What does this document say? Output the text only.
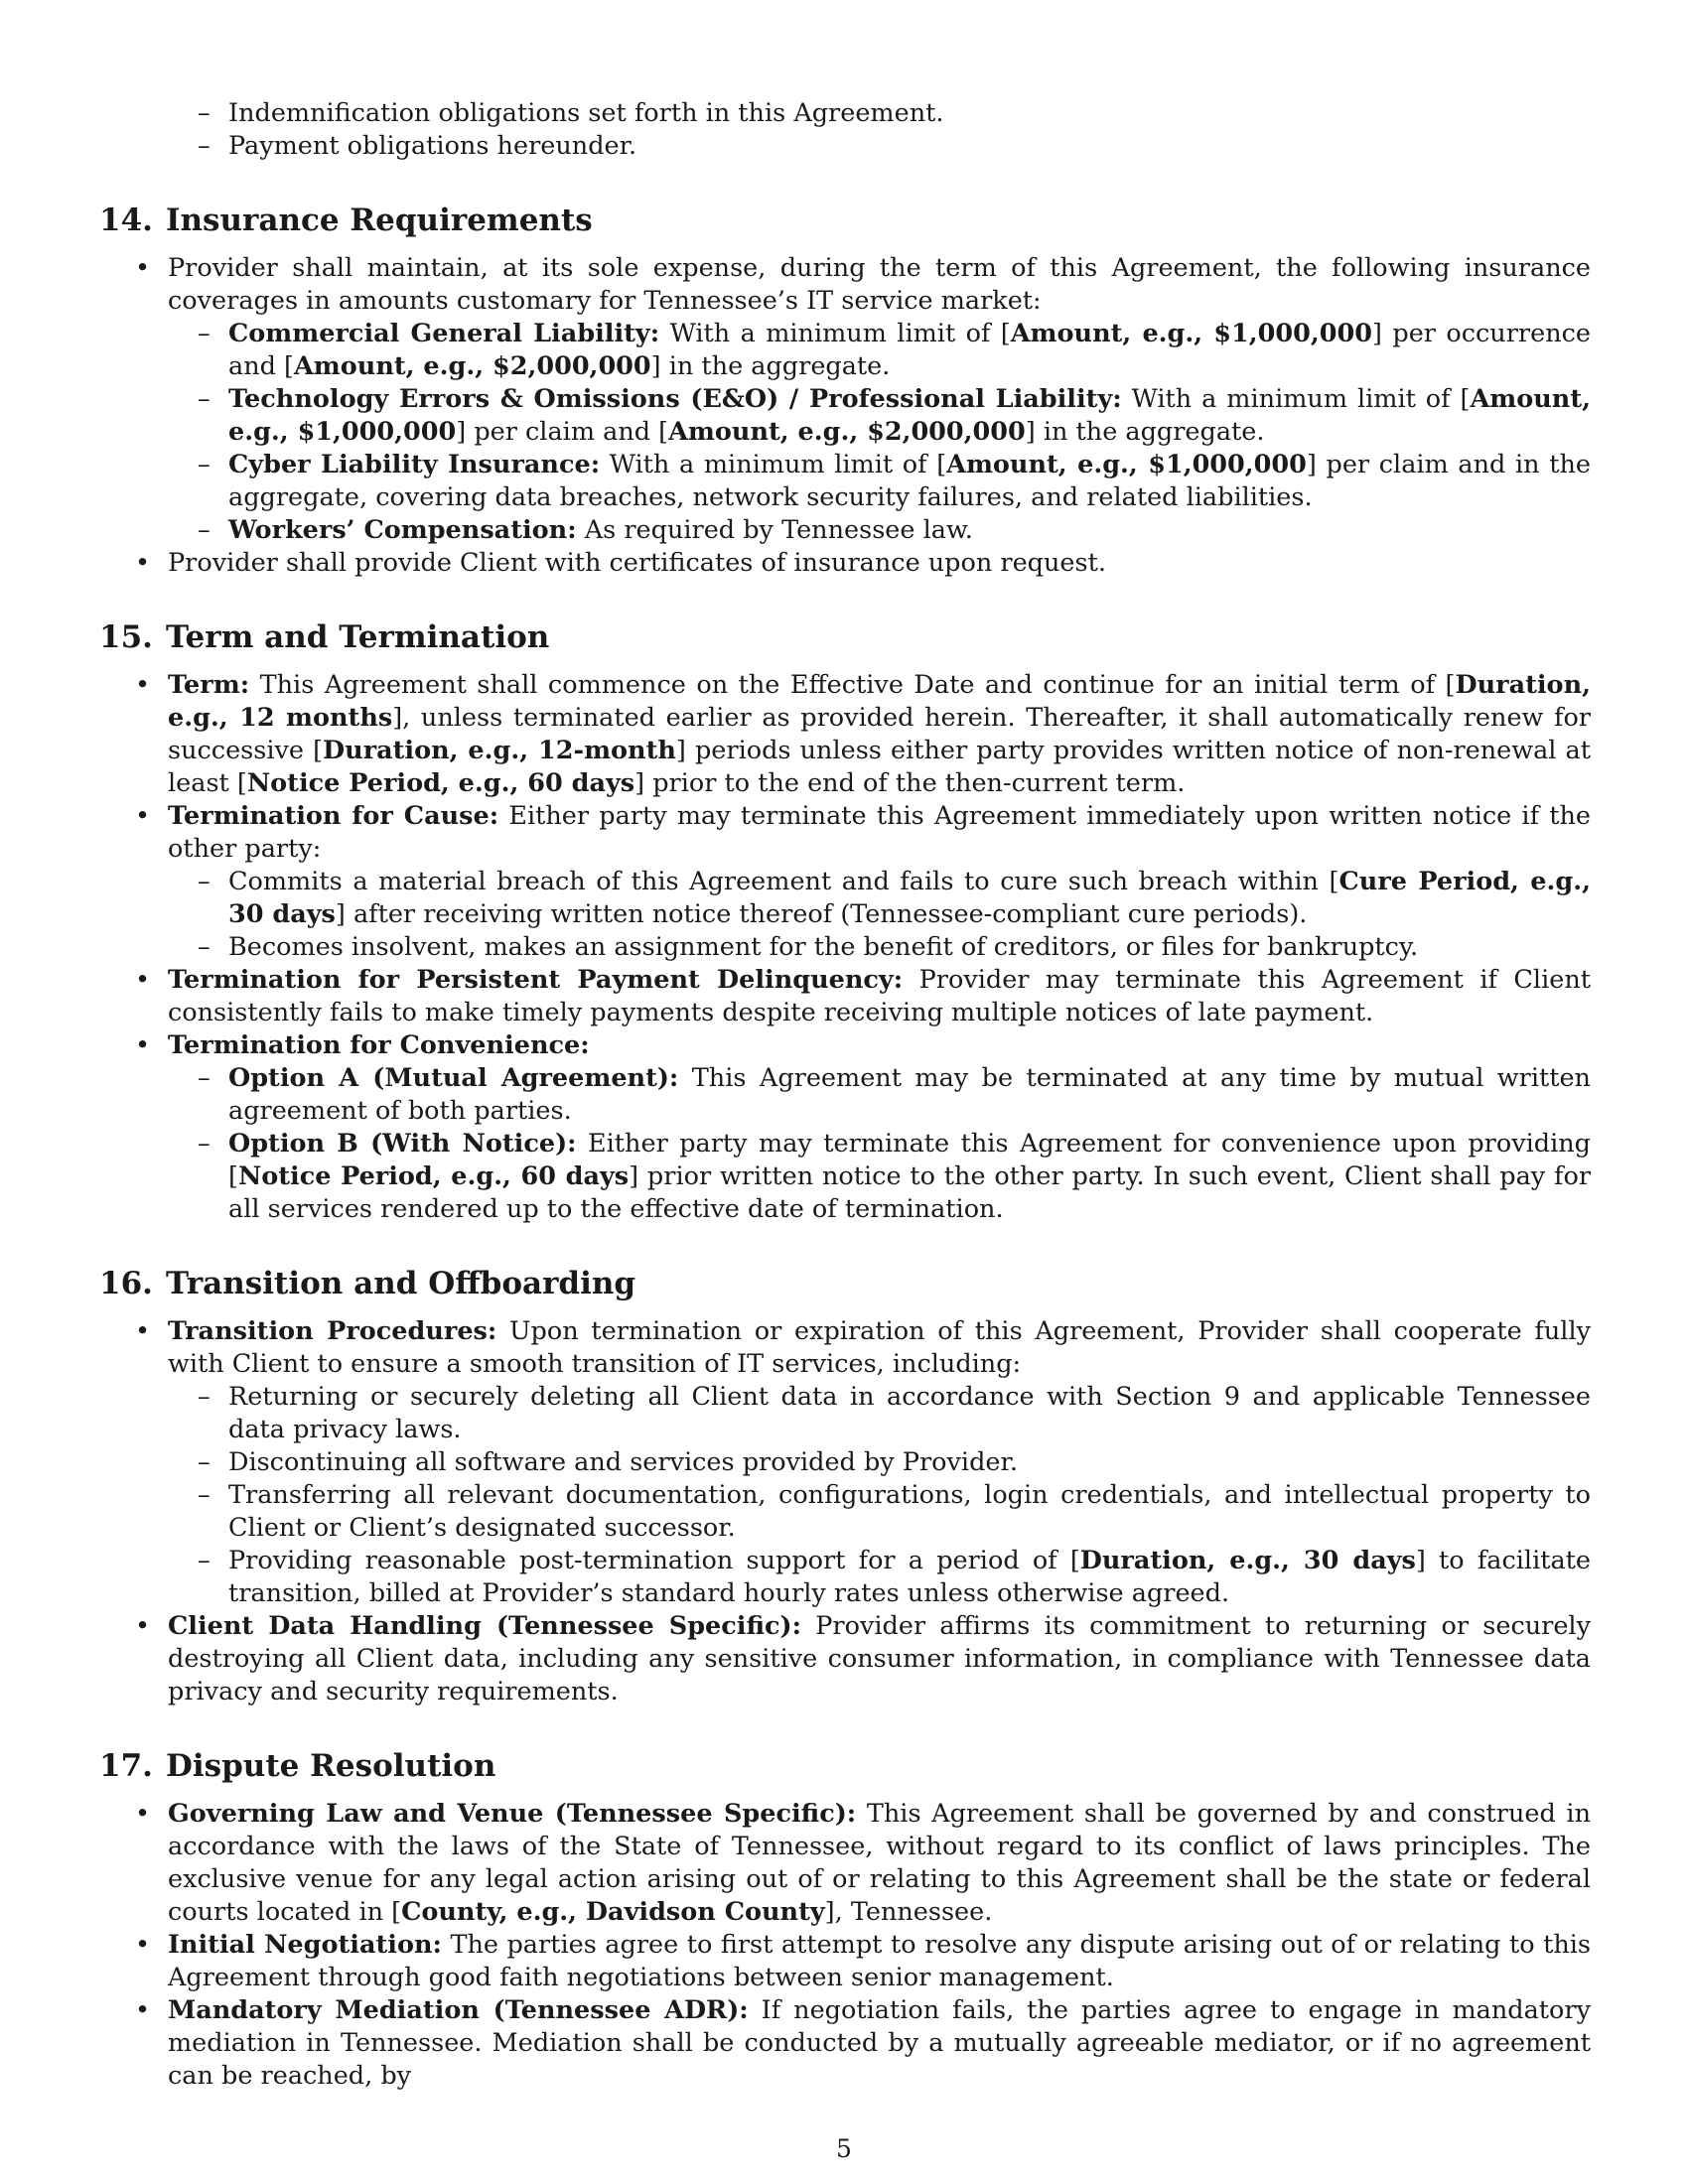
– Indemnification obligations set forth in this Agreement.
– Payment obligations hereunder.
14. Insurance Requirements
• Provider shall maintain, at its sole expense, during the term of this Agreement, the following insurance coverages in amounts customary for Tennessee’s IT service market:
– Commercial General Liability: With a minimum limit of [Amount, e.g., $1,000,000] per occurrence and [Amount, e.g., $2,000,000] in the aggregate.
– Technology Errors & Omissions (E&O) / Professional Liability: With a minimum limit of [Amount, e.g., $1,000,000] per claim and [Amount, e.g., $2,000,000] in the aggregate.
– Cyber Liability Insurance: With a minimum limit of [Amount, e.g., $1,000,000] per claim and in the aggregate, covering data breaches, network security failures, and related liabilities.
– Workers’ Compensation: As required by Tennessee law.
• Provider shall provide Client with certificates of insurance upon request.
15. Term and Termination
• Term: This Agreement shall commence on the Effective Date and continue for an initial term of [Duration, e.g., 12 months], unless terminated earlier as provided herein. Thereafter, it shall automatically renew for successive [Duration, e.g., 12-month] periods unless either party provides written notice of non-renewal at least [Notice Period, e.g., 60 days] prior to the end of the then-current term.
• Termination for Cause: Either party may terminate this Agreement immediately upon written notice if the other party:
– Commits a material breach of this Agreement and fails to cure such breach within [Cure Period, e.g., 30 days] after receiving written notice thereof (Tennessee-compliant cure periods).
– Becomes insolvent, makes an assignment for the benefit of creditors, or files for bankruptcy.
• Termination for Persistent Payment Delinquency: Provider may terminate this Agreement if Client consistently fails to make timely payments despite receiving multiple notices of late payment.
• Termination for Convenience:
– Option A (Mutual Agreement): This Agreement may be terminated at any time by mutual written agreement of both parties.
– Option B (With Notice): Either party may terminate this Agreement for convenience upon providing [Notice Period, e.g., 60 days] prior written notice to the other party. In such event, Client shall pay for all services rendered up to the effective date of termination.
16. Transition and Offboarding
• Transition Procedures: Upon termination or expiration of this Agreement, Provider shall cooperate fully with Client to ensure a smooth transition of IT services, including:
– Returning or securely deleting all Client data in accordance with Section 9 and applicable Tennessee data privacy laws.
– Discontinuing all software and services provided by Provider.
– Transferring all relevant documentation, configurations, login credentials, and intellectual property to Client or Client’s designated successor.
– Providing reasonable post-termination support for a period of [Duration, e.g., 30 days] to facilitate transition, billed at Provider’s standard hourly rates unless otherwise agreed.
• Client Data Handling (Tennessee Specific): Provider affirms its commitment to returning or securely destroying all Client data, including any sensitive consumer information, in compliance with Tennessee data privacy and security requirements.
17. Dispute Resolution
• Governing Law and Venue (Tennessee Specific): This Agreement shall be governed by and construed in accordance with the laws of the State of Tennessee, without regard to its conflict of laws principles. The exclusive venue for any legal action arising out of or relating to this Agreement shall be the state or federal courts located in [County, e.g., Davidson County], Tennessee.
• Initial Negotiation: The parties agree to first attempt to resolve any dispute arising out of or relating to this Agreement through good faith negotiations between senior management.
• Mandatory Mediation (Tennessee ADR): If negotiation fails, the parties agree to engage in mandatory mediation in Tennessee. Mediation shall be conducted by a mutually agreeable mediator, or if no agreement can be reached, by
5
